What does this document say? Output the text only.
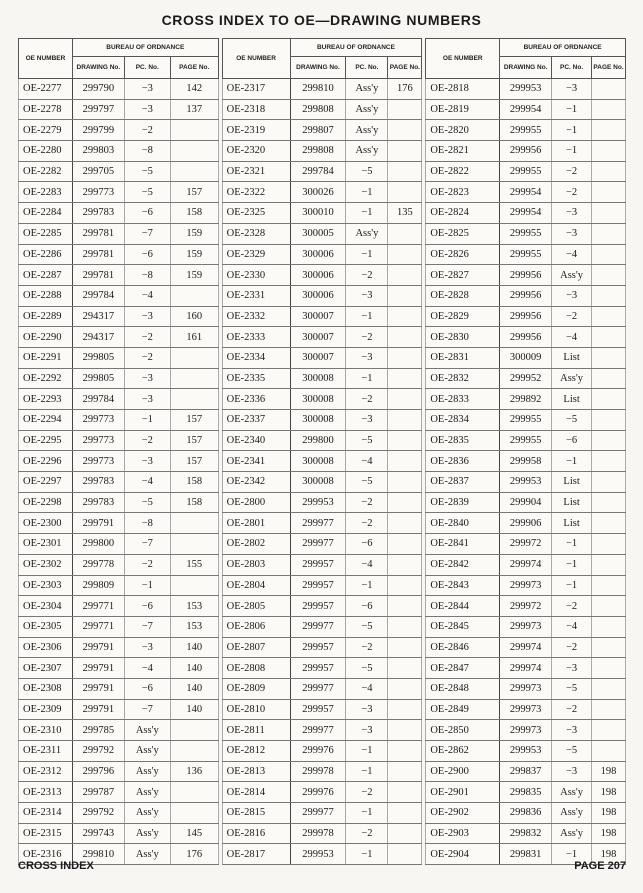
CROSS INDEX TO OE—DRAWING NUMBERS
OE NUMBER	BUREAU OF ORDNANCE		
	DRAWING No.	PC. No.	PAGE No.
OE-2277	299790	−3	142
OE-2278	299797	−3	137
OE-2279	299799	−2	
OE-2280	299803	−8	
OE-2282	299705	−5	
OE-2283	299773	−5	157
OE-2284	299783	−6	158
OE-2285	299781	−7	159
OE-2286	299781	−6	159
OE-2287	299781	−8	159
OE-2288	299784	−4	
OE-2289	294317	−3	160
OE-2290	294317	−2	161
OE-2291	299805	−2	
OE-2292	299805	−3	
OE-2293	299784	−3	
OE-2294	299773	−1	157
OE-2295	299773	−2	157
OE-2296	299773	−3	157
OE-2297	299783	−4	158
OE-2298	299783	−5	158
OE-2300	299791	−8	
OE-2301	299800	−7	
OE-2302	299778	−2	155
OE-2303	299809	−1	
OE-2304	299771	−6	153
OE-2305	299771	−7	153
OE-2306	299791	−3	140
OE-2307	299791	−4	140
OE-2308	299791	−6	140
OE-2309	299791	−7	140
OE-2310	299785	Ass'y	
OE-2311	299792	Ass'y	
OE-2312	299796	Ass'y	136
OE-2313	299787	Ass'y	
OE-2314	299792	Ass'y	
OE-2315	299743	Ass'y	145
OE-2316	299810	Ass'y	176
OE NUMBER	BUREAU OF ORDNANCE		
	DRAWING No.	PC. No.	PAGE No.
OE-2317	299810	Ass'y	176
OE-2318	299808	Ass'y	
OE-2319	299807	Ass'y	
OE-2320	299808	Ass'y	
OE-2321	299784	−5	
OE-2322	300026	−1	
OE-2325	300010	−1	135
OE-2328	300005	Ass'y	
OE-2329	300006	−1	
OE-2330	300006	−2	
OE-2331	300006	−3	
OE-2332	300007	−1	
OE-2333	300007	−2	
OE-2334	300007	−3	
OE-2335	300008	−1	
OE-2336	300008	−2	
OE-2337	300008	−3	
OE-2340	299800	−5	
OE-2341	300008	−4	
OE-2342	300008	−5	
OE-2800	299953	−2	
OE-2801	299977	−2	
OE-2802	299977	−6	
OE-2803	299957	−4	
OE-2804	299957	−1	
OE-2805	299957	−6	
OE-2806	299977	−5	
OE-2807	299957	−2	
OE-2808	299957	−5	
OE-2809	299977	−4	
OE-2810	299957	−3	
OE-2811	299977	−3	
OE-2812	299976	−1	
OE-2813	299978	−1	
OE-2814	299976	−2	
OE-2815	299977	−1	
OE-2816	299978	−2	
OE-2817	299953	−1	
OE NUMBER	BUREAU OF ORDNANCE		
	DRAWING No.	PC. No.	PAGE No.
OE-2818	299953	−3	
OE-2819	299954	−1	
OE-2820	299955	−1	
OE-2821	299956	−1	
OE-2822	299955	−2	
OE-2823	299954	−2	
OE-2824	299954	−3	
OE-2825	299955	−3	
OE-2826	299955	−4	
OE-2827	299956	Ass'y	
OE-2828	299956	−3	
OE-2829	299956	−2	
OE-2830	299956	−4	
OE-2831	300009	List	
OE-2832	299952	Ass'y	
OE-2833	299892	List	
OE-2834	299955	−5	
OE-2835	299955	−6	
OE-2836	299958	−1	
OE-2837	299953	List	
OE-2839	299904	List	
OE-2840	299906	List	
OE-2841	299972	−1	
OE-2842	299974	−1	
OE-2843	299973	−1	
OE-2844	299972	−2	
OE-2845	299973	−4	
OE-2846	299974	−2	
OE-2847	299974	−3	
OE-2848	299973	−5	
OE-2849	299973	−2	
OE-2850	299973	−3	
OE-2862	299953	−5	
OE-2900	299837	−3	198
OE-2901	299835	Ass'y	198
OE-2902	299836	Ass'y	198
OE-2903	299832	Ass'y	198
OE-2904	299831	−1	198
CROSS INDEX	PAGE 207
